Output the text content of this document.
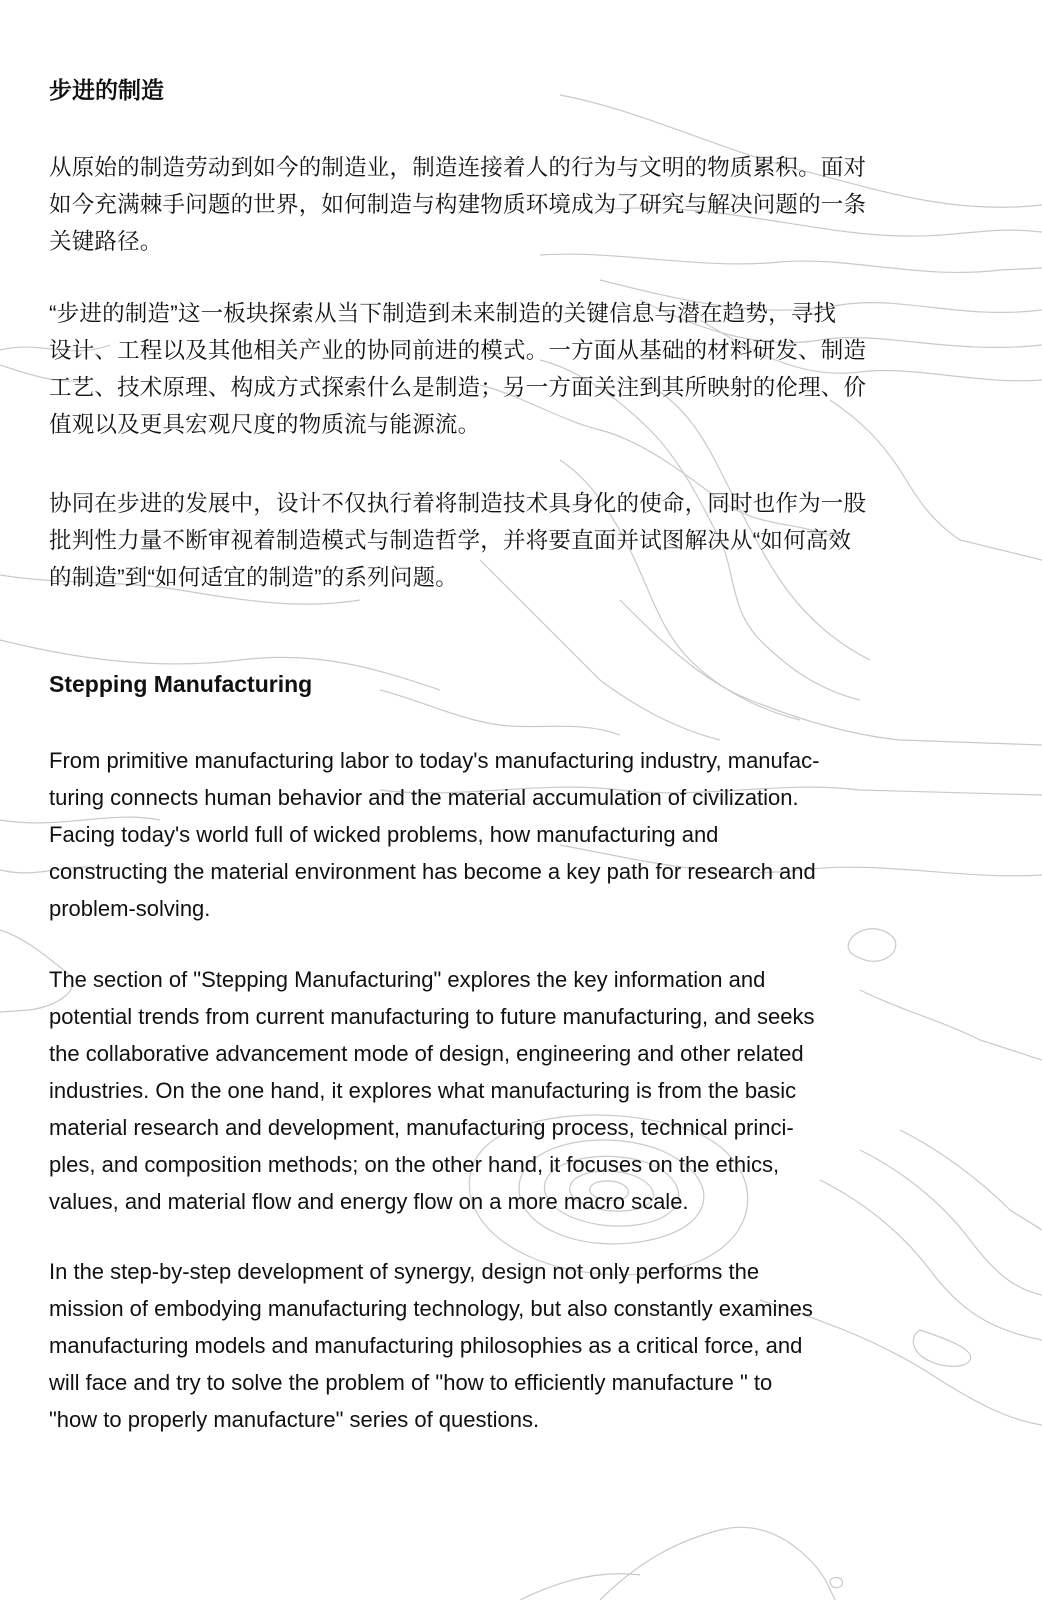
步进的制造

从原始的制造劳动到如今的制造业，制造连接着人的行为与文明的物质累积。面对
如今充满棘手问题的世界，如何制造与构建物质环境成为了研究与解决问题的一条
关键路径。

“步进的制造”这一板块探索从当下制造到未来制造的关键信息与潜在趋势，寻找
设计、工程以及其他相关产业的协同前进的模式。一方面从基础的材料研发、制造
工艺、技术原理、构成方式探索什么是制造；另一方面关注到其所映射的伦理、价
值观以及更具宏观尺度的物质流与能源流。

协同在步进的发展中，设计不仅执行着将制造技术具身化的使命，同时也作为一股
批判性力量不断审视着制造模式与制造哲学，并将要直面并试图解决从“如何高效
的制造”到“如何适宜的制造”的系列问题。

Stepping Manufacturing

From primitive manufacturing labor to today's manufacturing industry, manufac-
turing connects human behavior and the material accumulation of civilization.
Facing today's world full of wicked problems, how manufacturing and
constructing the material environment has become a key path for research and
problem-solving.

The section of "Stepping Manufacturing" explores the key information and
potential trends from current manufacturing to future manufacturing, and seeks
the collaborative advancement mode of design, engineering and other related
industries. On the one hand, it explores what manufacturing is from the basic
material research and development, manufacturing process, technical princi-
ples, and composition methods; on the other hand, it focuses on the ethics,
values, and material flow and energy flow on a more macro scale.

In the step-by-step development of synergy, design not only performs the
mission of embodying manufacturing technology, but also constantly examines
manufacturing models and manufacturing philosophies as a critical force, and
will face and try to solve the problem of "how to efficiently manufacture " to
"how to properly manufacture" series of questions.
